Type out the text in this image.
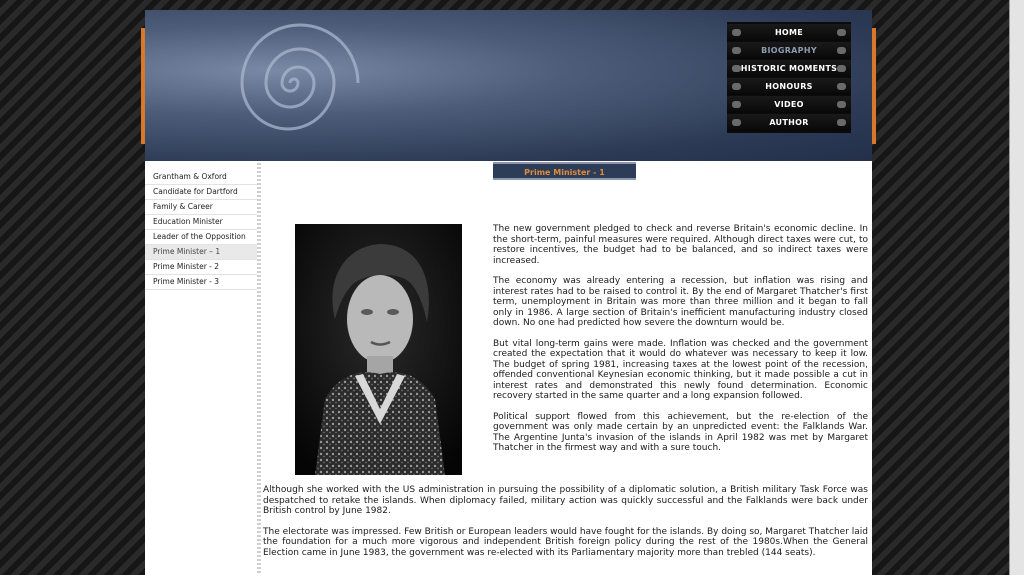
HOME
BIOGRAPHY
HISTORIC MOMENTS
HONOURS
VIDEO
AUTHOR
Grantham & Oxford
Candidate for Dartford
Family & Career
Education Minister
Leader of the Opposition
Prime Minister – 1
Prime Minister - 2
Prime Minister - 3
Prime Minister - 1

The new government pledged to check and reverse Britain's economic decline. In the short-term, painful measures were required. Although direct taxes were cut, to restore incentives, the budget had to be balanced, and so indirect taxes were increased.

The economy was already entering a recession, but inflation was rising and interest rates had to be raised to control it. By the end of Margaret Thatcher's first term, unemployment in Britain was more than three million and it began to fall only in 1986. A large section of Britain's inefficient manufacturing industry closed down. No one had predicted how severe the downturn would be.

But vital long-term gains were made. Inflation was checked and the government created the expectation that it would do whatever was necessary to keep it low. The budget of spring 1981, increasing taxes at the lowest point of the recession, offended conventional Keynesian economic thinking, but it made possible a cut in interest rates and demonstrated this newly found determination. Economic recovery started in the same quarter and a long expansion followed.

Political support flowed from this achievement, but the re-election of the government was only made certain by an unpredicted event: the Falklands War. The Argentine Junta's invasion of the islands in April 1982 was met by Margaret Thatcher in the firmest way and with a sure touch.

Although she worked with the US administration in pursuing the possibility of a diplomatic solution, a British military Task Force was despatched to retake the islands. When diplomacy failed, military action was quickly successful and the Falklands were back under British control by June 1982.

The electorate was impressed. Few British or European leaders would have fought for the islands. By doing so, Margaret Thatcher laid the foundation for a much more vigorous and independent British foreign policy during the rest of the 1980s.When the General Election came in June 1983, the government was re-elected with its Parliamentary majority more than trebled (144 seats).
